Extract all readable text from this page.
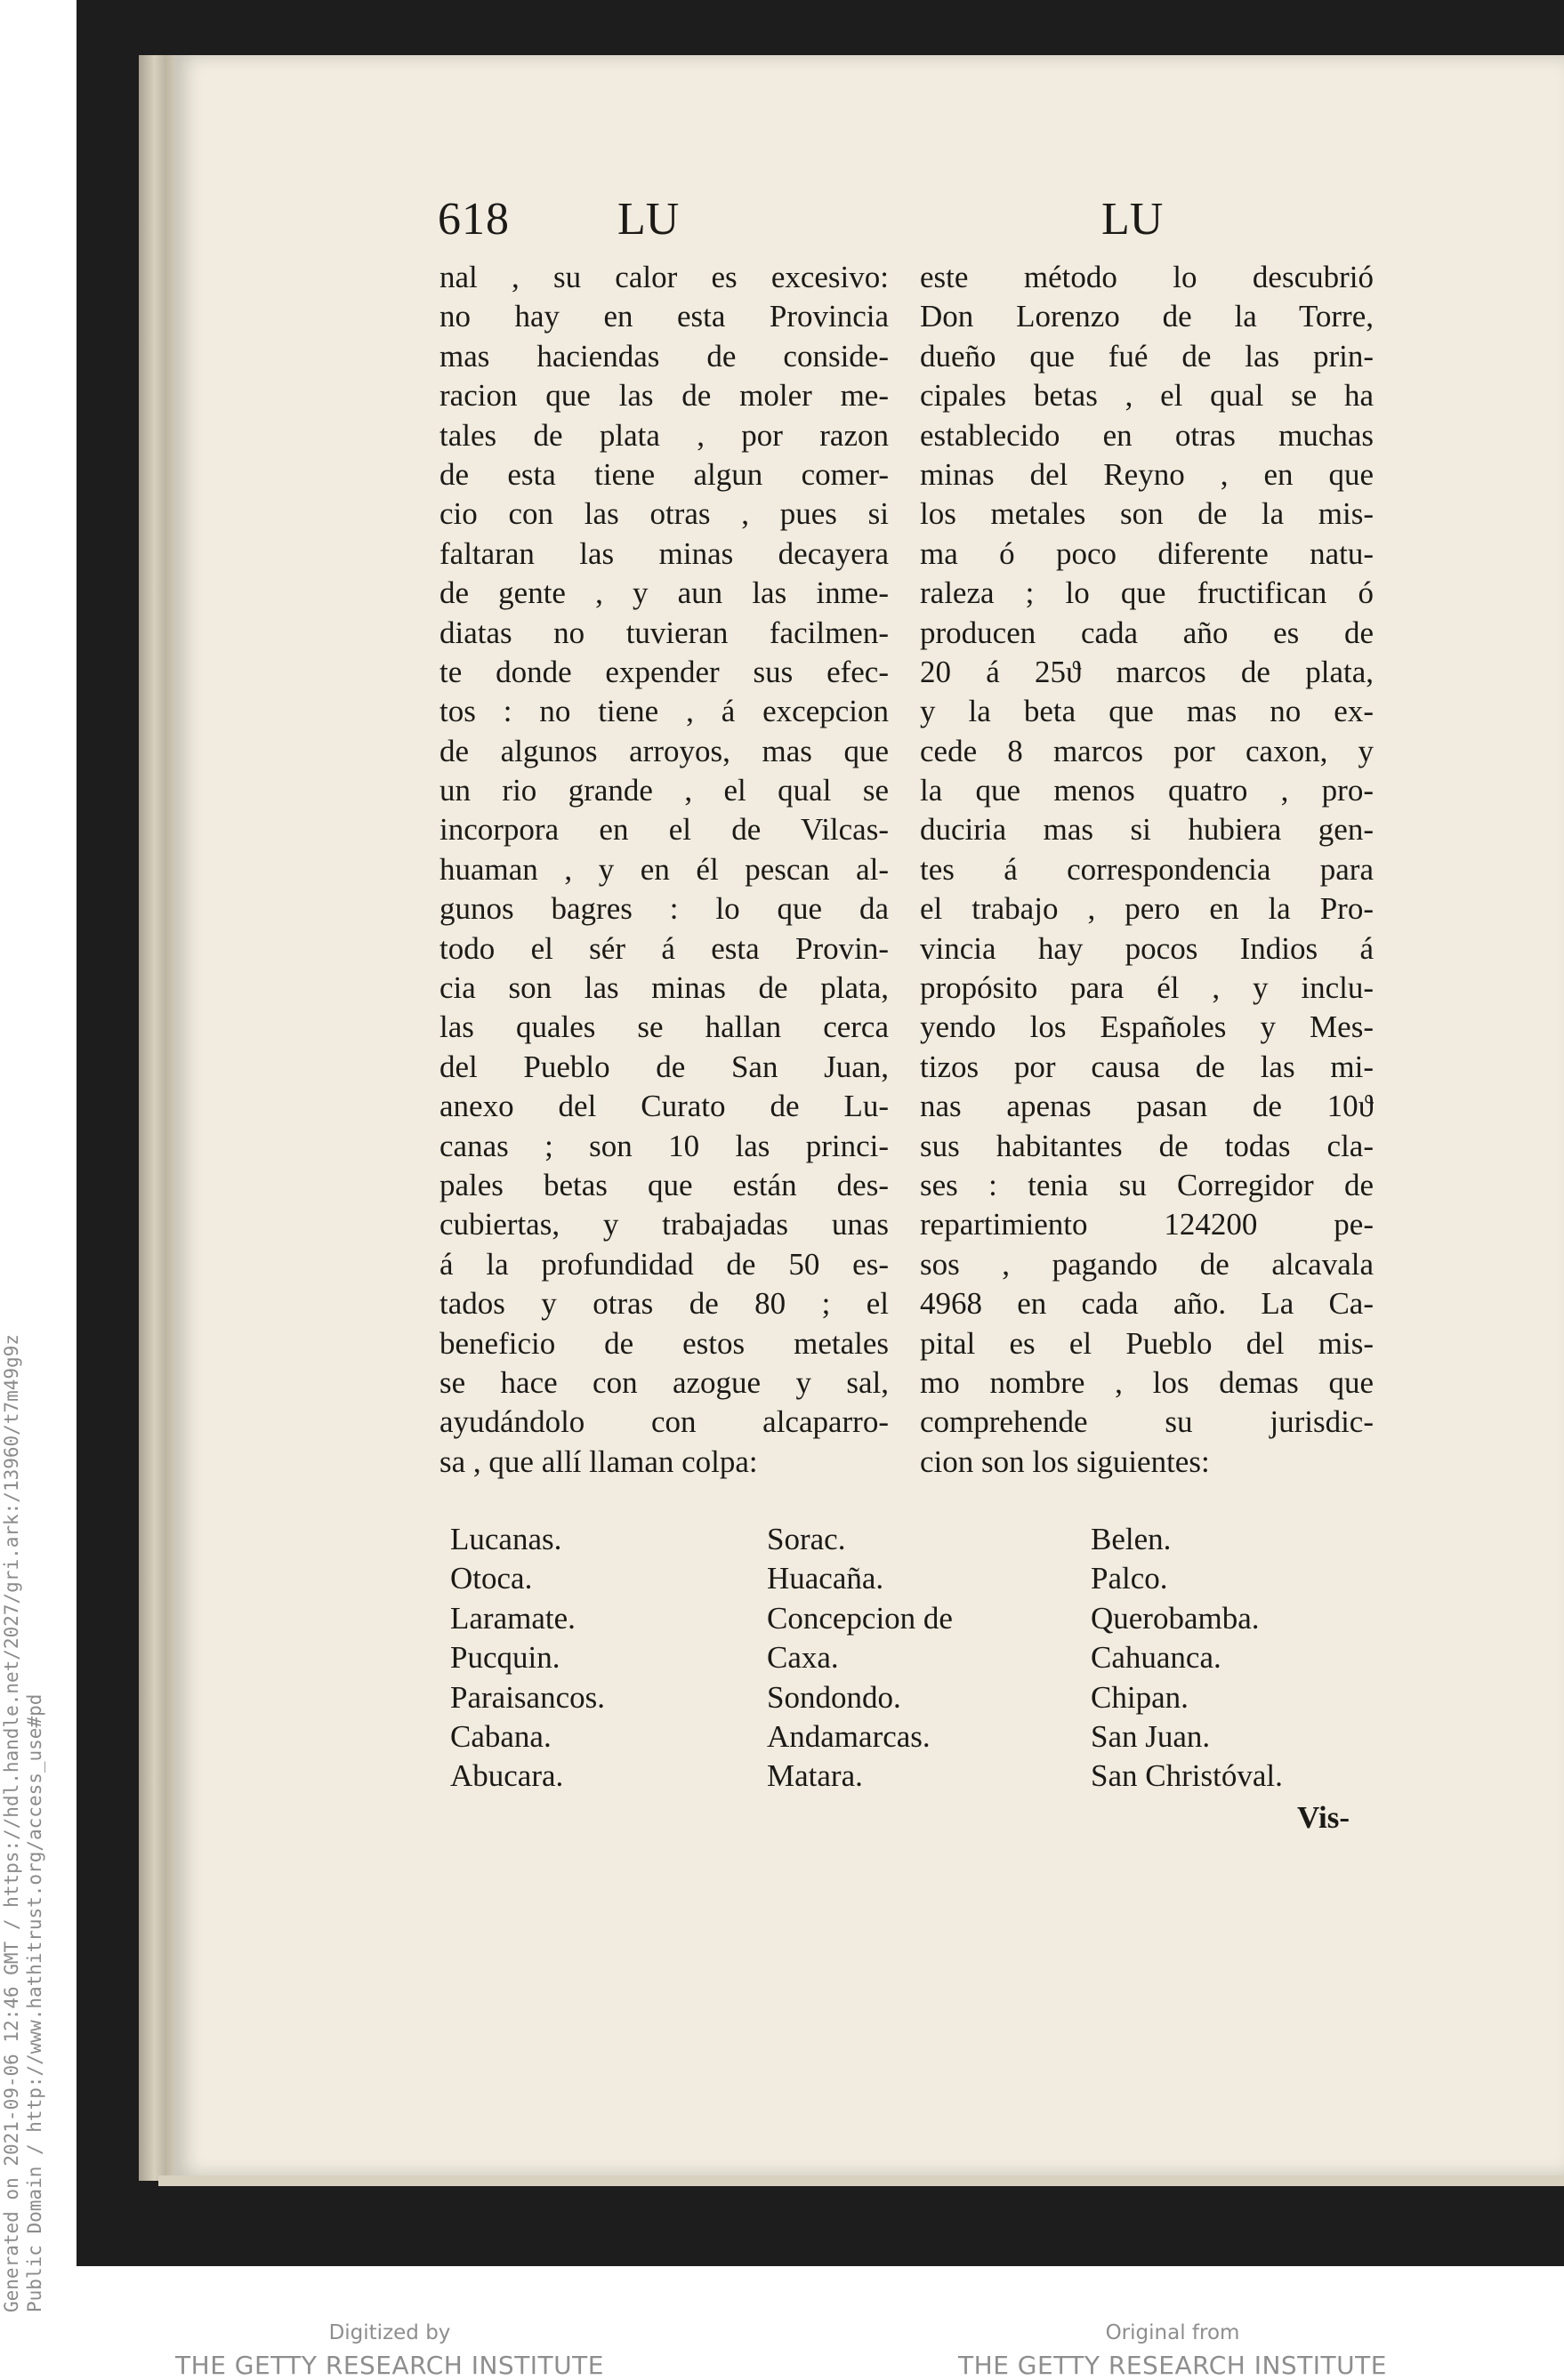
618 LU	LU
nal , su calor es excesivo:
no hay en esta Provincia
mas haciendas de conside-
racion que las de moler me-
tales de plata , por razon
de esta tiene algun comer-
cio con las otras , pues si
faltaran las minas decayera
de gente , y aun las inme-
diatas no tuvieran facilmen-
te donde expender sus efec-
tos : no tiene , á excepcion
de algunos arroyos, mas que
un rio grande , el qual se
incorpora en el de Vilcas-
huaman , y en él pescan al-
gunos bagres : lo que da
todo el sér á esta Provin-
cia son las minas de plata,
las quales se hallan cerca
del Pueblo de San Juan,
anexo del Curato de Lu-
canas ; son 10 las princi-
pales betas que están des-
cubiertas, y trabajadas unas
á la profundidad de 50 es-
tados y otras de 80 ; el
beneficio de estos metales
se hace con azogue y sal,
ayudándolo con alcaparro-
sa , que allí llaman colpa:
este método lo descubrió
Don Lorenzo de la Torre,
dueño que fué de las prin-
cipales betas , el qual se ha
establecido en otras muchas
minas del Reyno , en que
los metales son de la mis-
ma ó poco diferente natu-
raleza ; lo que fructifican ó
producen cada año es de
20 á 25ϑ marcos de plata,
y la beta que mas no ex-
cede 8 marcos por caxon, y
la que menos quatro , pro-
duciria mas si hubiera gen-
tes á correspondencia para
el trabajo , pero en la Pro-
vincia hay pocos Indios á
propósito para él , y inclu-
yendo los Españoles y Mes-
tizos por causa de las mi-
nas apenas pasan de 10ϑ
sus habitantes de todas cla-
ses : tenia su Corregidor de
repartimiento 124200 pe-
sos , pagando de alcavala
4968 en cada año. La Ca-
pital es el Pueblo del mis-
mo nombre , los demas que
comprehende su jurisdic-
cion son los siguientes:
Lucanas.
Otoca.
Laramate.
Pucquin.
Paraisancos.
Cabana.
Abucara.
Sorac.
Huacaña.
Concepcion de
Caxa.
Sondondo.
Andamarcas.
Matara.
Belen.
Palco.
Querobamba.
Cahuanca.
Chipan.
San Juan.
San Christóval.
Vis-
Generated on 2021-09-06 12:46 GMT / https://hdl.handle.net/2027/gri.ark:/13960/t7m49g9z Public Domain / http://www.hathitrust.org/access_use#pd
Digitized by
THE GETTY RESEARCH INSTITUTE
Original from
THE GETTY RESEARCH INSTITUTE
